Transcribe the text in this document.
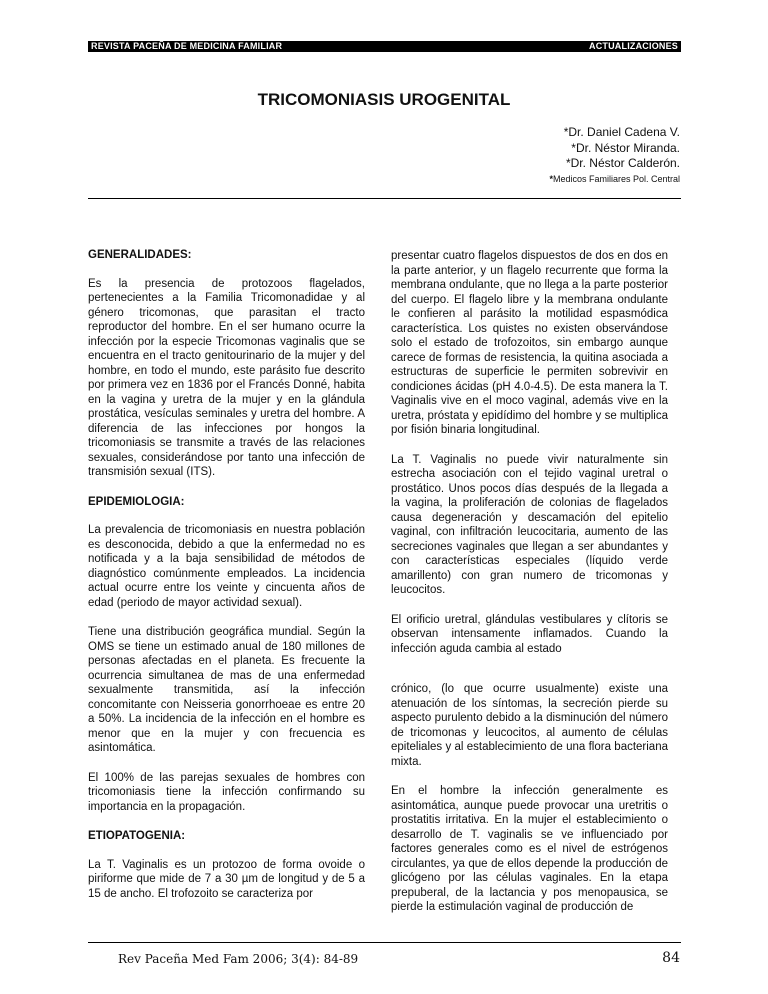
REVISTA PACEÑA DE MEDICINA FAMILIAR	ACTUALIZACIONES
TRICOMONIASIS UROGENITAL
*Dr. Daniel Cadena V.
*Dr. Néstor Miranda.
*Dr. Néstor Calderón.
*Medicos Familiares Pol. Central
GENERALIDADES:

Es la presencia de protozoos flagelados, pertenecientes a la Familia Tricomonadidae y al género tricomonas, que parasitan el tracto reproductor del hombre. En el ser humano ocurre la infección por la especie Tricomonas vaginalis que se encuentra en el tracto genitourinario de la mujer y del hombre, en todo el mundo, este parásito fue descrito por primera vez en 1836 por el Francés Donné, habita en la vagina y uretra de la mujer y en la glándula prostática, vesículas seminales y uretra del hombre. A diferencia de las infecciones por hongos la tricomoniasis se transmite a través de las relaciones sexuales, considerándose por tanto una infección de transmisión sexual (ITS).

EPIDEMIOLOGIA:

La prevalencia de tricomoniasis en nuestra población es desconocida, debido a que la enfermedad no es notificada y a la baja sensibilidad de métodos de diagnóstico comúnmente empleados. La incidencia actual ocurre entre los veinte y cincuenta años de edad (periodo de mayor actividad sexual).

Tiene una distribución geográfica mundial. Según la OMS se tiene un estimado anual de 180 millones de personas afectadas en el planeta. Es frecuente la ocurrencia simultanea de mas de una enfermedad sexualmente transmitida, así la infección concomitante con Neisseria gonorrhoeae es entre 20 a 50%. La incidencia de la infección en el hombre es menor que en la mujer y con frecuencia es asintomática.

El 100% de las parejas sexuales de hombres con tricomoniasis tiene la infección confirmando su importancia en la propagación.

ETIOPATOGENIA:

La T. Vaginalis es un protozoo de forma ovoide o piriforme que mide de 7 a 30 µm de longitud y de 5 a 15 de ancho. El trofozoito se caracteriza por

presentar cuatro flagelos dispuestos de dos en dos en la parte anterior, y un flagelo recurrente que forma la membrana ondulante, que no llega a la parte posterior del cuerpo. El flagelo libre y la membrana ondulante le confieren al parásito la motilidad espasmódica característica. Los quistes no existen observándose solo el estado de trofozoitos, sin embargo aunque carece de formas de resistencia, la quitina asociada a estructuras de superficie le permiten sobrevivir en condiciones ácidas (pH 4.0-4.5). De esta manera la T. Vaginalis vive en el moco vaginal, además vive en la uretra, próstata y epidídimo del hombre y se multiplica por fisión binaria longitudinal.

La T. Vaginalis no puede vivir naturalmente sin estrecha asociación con el tejido vaginal uretral o prostático. Unos pocos días después de la llegada a la vagina, la proliferación de colonias de flagelados causa degeneración y descamación del epitelio vaginal, con infiltración leucocitaria, aumento de las secreciones vaginales que llegan a ser abundantes y con características especiales (líquido verde amarillento) con gran numero de tricomonas y leucocitos.

El orificio uretral, glándulas vestibulares y clítoris se observan intensamente inflamados. Cuando la infección aguda cambia al estado

crónico, (lo que ocurre usualmente) existe una atenuación de los síntomas, la secreción pierde su aspecto purulento debido a la disminución del número de tricomonas y leucocitos, al aumento de células epiteliales y al establecimiento de una flora bacteriana mixta.

En el hombre la infección generalmente es asintomática, aunque puede provocar una uretritis o prostatitis irritativa. En la mujer el establecimiento o desarrollo de T. vaginalis se ve influenciado por factores generales como es el nivel de estrógenos circulantes, ya que de ellos depende la producción de glicógeno por las células vaginales. En la etapa prepuberal, de la lactancia y pos menopausica, se pierde la estimulación vaginal de producción de

Rev Paceña Med Fam 2006; 3(4): 84-89	84
